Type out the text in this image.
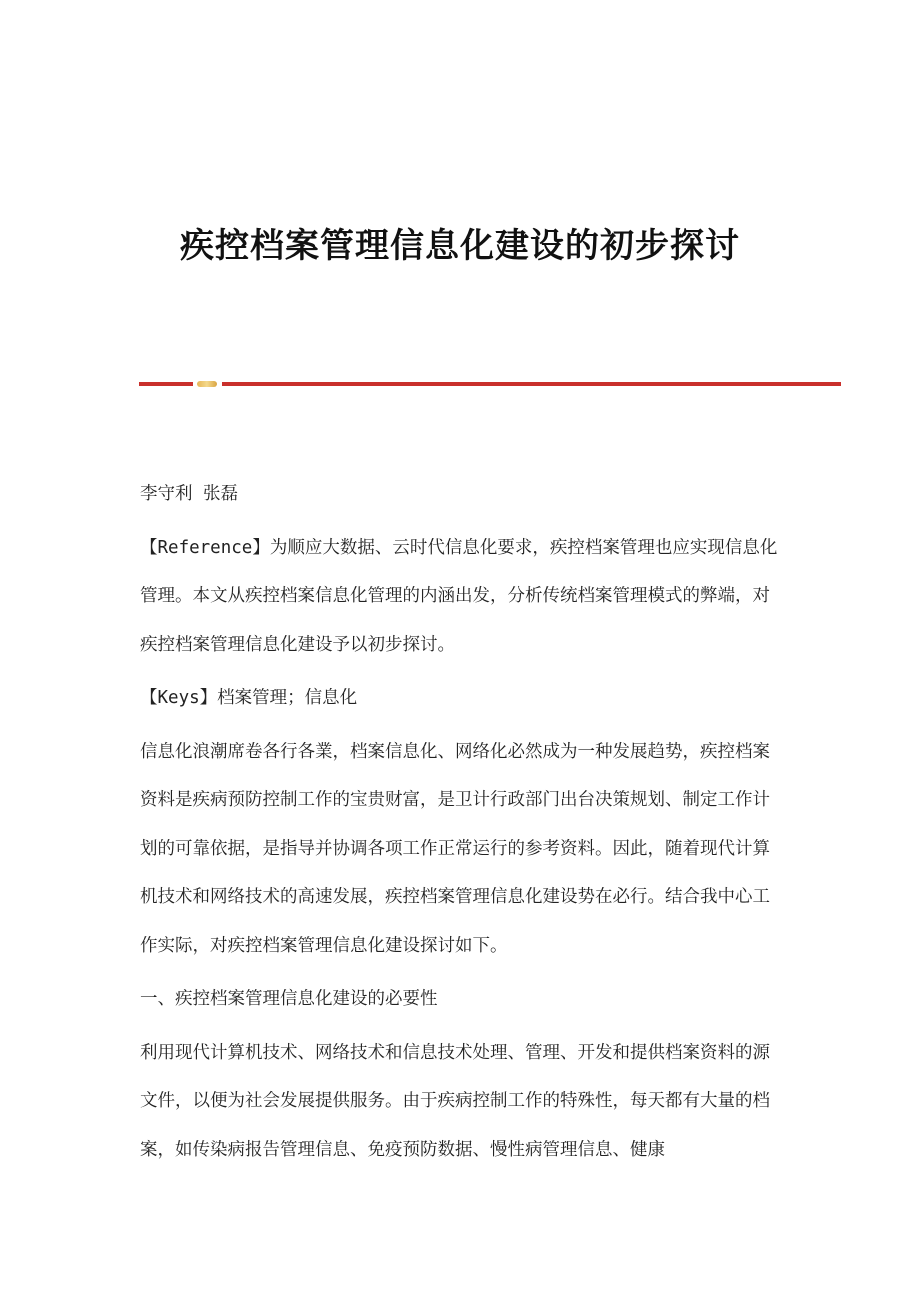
疾控档案管理信息化建设的初步探讨

李守利 张磊

【Reference】为顺应大数据、云时代信息化要求，疾控档案管理也应实现信息化管理。本文从疾控档案信息化管理的内涵出发，分析传统档案管理模式的弊端，对疾控档案管理信息化建设予以初步探讨。

【Keys】档案管理；信息化

信息化浪潮席卷各行各業，档案信息化、网络化必然成为一种发展趋势，疾控档案资料是疾病预防控制工作的宝贵财富，是卫计行政部门出台决策规划、制定工作计划的可靠依据，是指导并协调各项工作正常运行的参考资料。因此，随着现代计算机技术和网络技术的高速发展，疾控档案管理信息化建设势在必行。结合我中心工作实际，对疾控档案管理信息化建设探讨如下。

一、疾控档案管理信息化建设的必要性

利用现代计算机技术、网络技术和信息技术处理、管理、开发和提供档案资料的源文件，以便为社会发展提供服务。由于疾病控制工作的特殊性，每天都有大量的档案，如传染病报告管理信息、免疫预防数据、慢性病管理信息、健康
